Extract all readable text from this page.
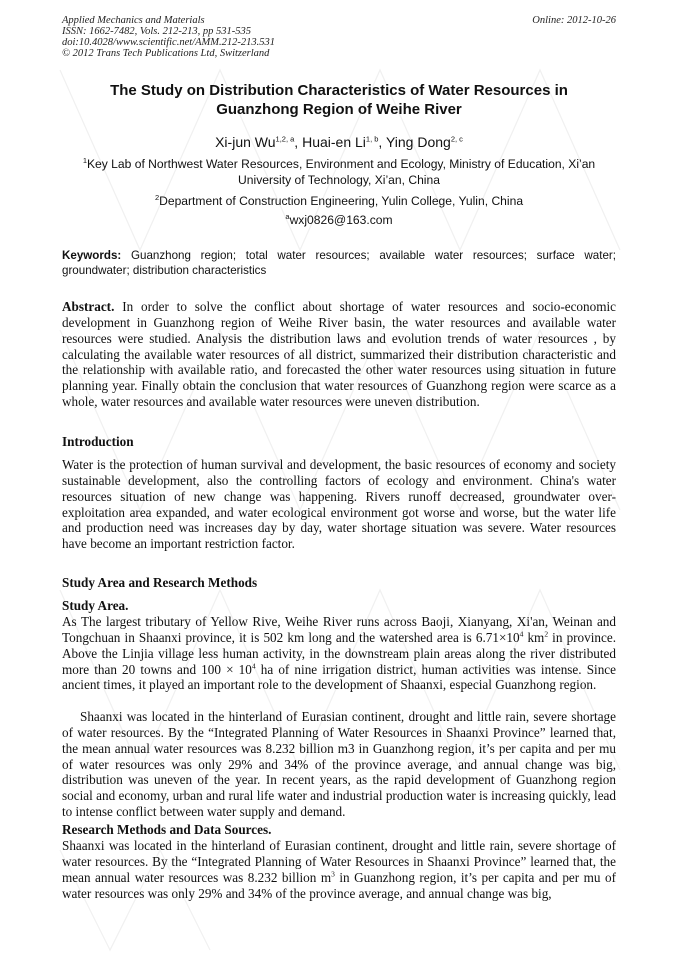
Applied Mechanics and Materials
ISSN: 1662-7482, Vols. 212-213, pp 531-535
doi:10.4028/www.scientific.net/AMM.212-213.531
© 2012 Trans Tech Publications Ltd, Switzerland
Online: 2012-10-26
The Study on Distribution Characteristics of Water Resources in Guanzhong Region of Weihe River
Xi-jun Wu$^{1,2, a}$, Huai-en Li$^{1, b}$, Ying Dong$^{2, c}$
$^1$Key Lab of Northwest Water Resources, Environment and Ecology, Ministry of Education, Xi’an University of Technology, Xi’an, China
$^2$Department of Construction Engineering, Yulin College, Yulin, China
$^a$wxj0826@163.com
Keywords: Guanzhong region; total water resources; available water resources; surface water; groundwater; distribution characteristics
Abstract. In order to solve the conflict about shortage of water resources and socio-economic development in Guanzhong region of Weihe River basin, the water resources and available water resources were studied. Analysis the distribution laws and evolution trends of water resources , by calculating the available water resources of all district, summarized their distribution characteristic and the relationship with available ratio, and forecasted the other water resources using situation in future planning year. Finally obtain the conclusion that water resources of Guanzhong region were scarce as a whole, water resources and available water resources were uneven distribution.
Introduction
Water is the protection of human survival and development, the basic resources of economy and society sustainable development, also the controlling factors of ecology and environment. China's water resources situation of new change was happening. Rivers runoff decreased, groundwater over-exploitation area expanded, and water ecological environment got worse and worse, but the water life and production need was increases day by day, water shortage situation was severe. Water resources have become an important restriction factor.
Study Area and Research Methods
Study Area.
As The largest tributary of Yellow Rive, Weihe River runs across Baoji, Xianyang, Xi'an, Weinan and Tongchuan in Shaanxi province, it is 502 km long and the watershed area is $6.71\times 10^4$ $km^2$ in province. Above the Linjia village less human activity, in the downstream plain areas along the river distributed more than 20 towns and $100 \times 10^4$ ha of nine irrigation district, human activities was intense. Since ancient times, it played an important role to the development of Shaanxi, especial Guanzhong region.
Shaanxi was located in the hinterland of Eurasian continent, drought and little rain, severe shortage of water resources. By the “Integrated Planning of Water Resources in Shaanxi Province” learned that, the mean annual water resources was 8.232 billion m3 in Guanzhong region, it’s per capita and per mu of water resources was only 29% and 34% of the province average, and annual change was big, distribution was uneven of the year. In recent years, as the rapid development of Guanzhong region social and economy, urban and rural life water and industrial production water is increasing quickly, lead to intense conflict between water supply and demand.
Research Methods and Data Sources.
Shaanxi was located in the hinterland of Eurasian continent, drought and little rain, severe shortage of water resources. By the “Integrated Planning of Water Resources in Shaanxi Province” learned that, the mean annual water resources was 8.232 billion $m^3$ in Guanzhong region, it’s per capita and per mu of water resources was only 29% and 34% of the province average, and annual change was big,
